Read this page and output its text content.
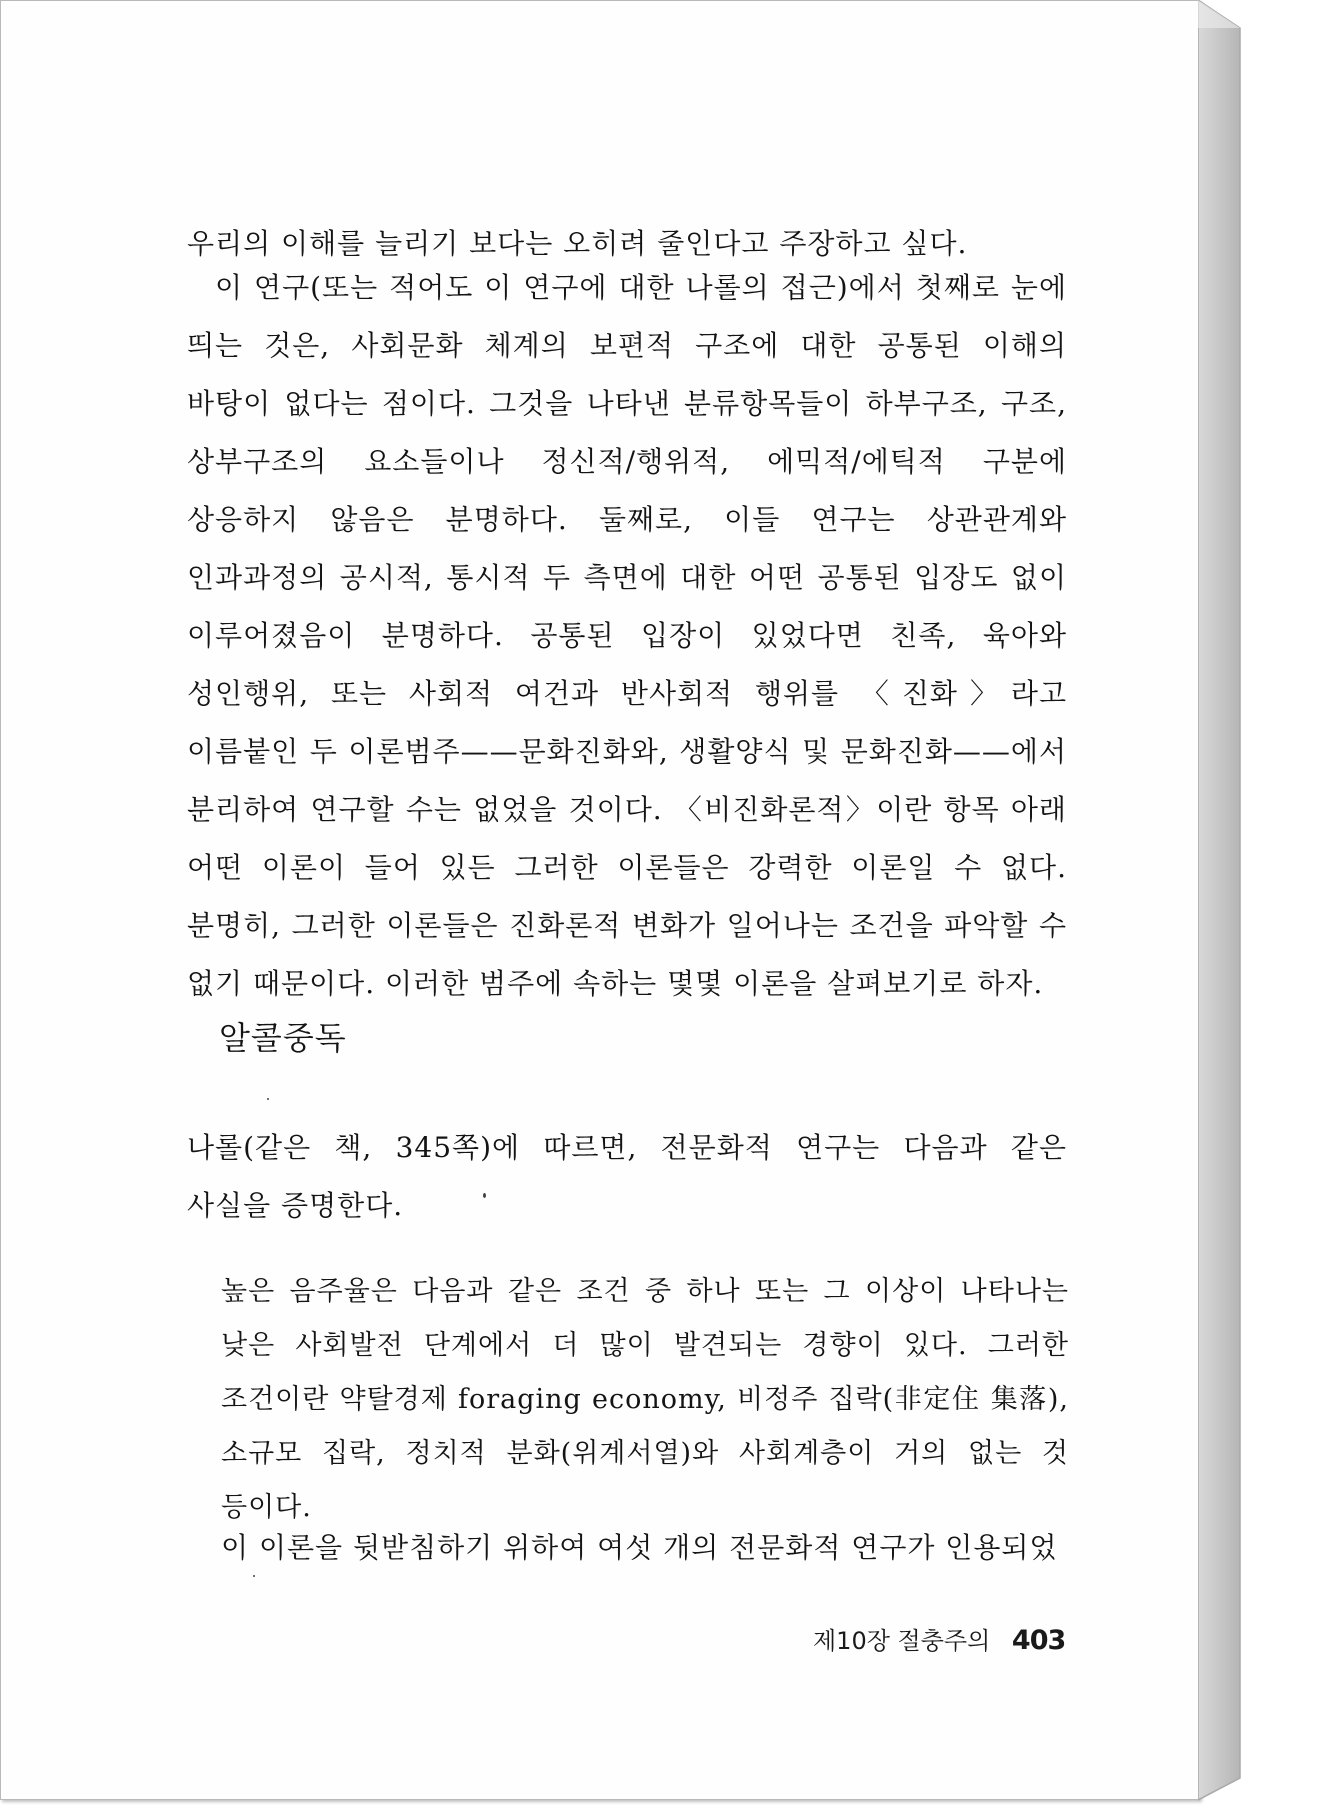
우리의 이해를 늘리기 보다는 오히려 줄인다고 주장하고 싶다.

이 연구(또는 적어도 이 연구에 대한 나롤의 접근)에서 첫째로 눈에 띄는 것은, 사회문화 체계의 보편적 구조에 대한 공통된 이해의 바탕이 없다는 점이다. 그것을 나타낸 분류항목들이 하부구조, 구조, 상부구조의 요소들이나 정신적/행위적, 에믹적/에틱적 구분에 상응하지 않음은 분명하다. 둘째로, 이들 연구는 상관관계와 인과과정의 공시적, 통시적 두 측면에 대한 어떤 공통된 입장도 없이 이루어졌음이 분명하다. 공통된 입장이 있었다면 친족, 육아와 성인행위, 또는 사회적 여건과 반사회적 행위를 〈진화〉라고 이름붙인 두 이론범주——문화진화와, 생활양식 및 문화진화——에서 분리하여 연구할 수는 없었을 것이다. 〈비진화론적〉이란 항목 아래 어떤 이론이 들어 있든 그러한 이론들은 강력한 이론일 수 없다. 분명히, 그러한 이론들은 진화론적 변화가 일어나는 조건을 파악할 수 없기 때문이다. 이러한 범주에 속하는 몇몇 이론을 살펴보기로 하자.

알콜중독

나롤(같은 책, 345쪽)에 따르면, 전문화적 연구는 다음과 같은 사실을 증명한다.

높은 음주율은 다음과 같은 조건 중 하나 또는 그 이상이 나타나는 낮은 사회발전 단계에서 더 많이 발견되는 경향이 있다. 그러한 조건이란 약탈경제 foraging economy, 비정주 집락(非定住 集落), 소규모 집락, 정치적 분화(위계서열)와 사회계층이 거의 없는 것 등이다.

이 이론을 뒷받침하기 위하여 여섯 개의 전문화적 연구가 인용되었

제10장 절충주의 403
